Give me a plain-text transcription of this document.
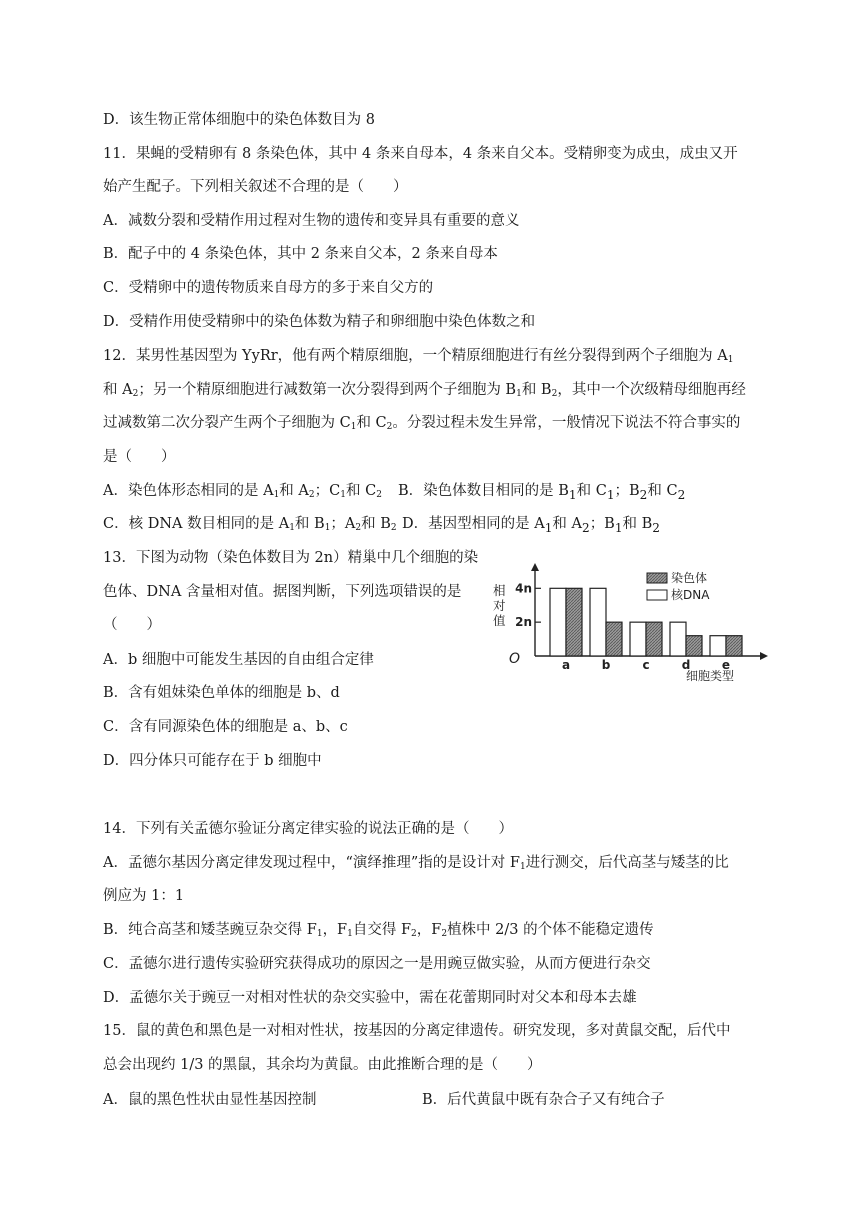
D．该生物正常体细胞中的染色体数目为 8
11．果蝇的受精卵有 8 条染色体，其中 4 条来自母本，4 条来自父本。受精卵变为成虫，成虫又开
始产生配子。下列相关叙述不合理的是（　　）
A．减数分裂和受精作用过程对生物的遗传和变异具有重要的意义
B．配子中的 4 条染色体，其中 2 条来自父本，2 条来自母本
C．受精卵中的遗传物质来自母方的多于来自父方的
D．受精作用使受精卵中的染色体数为精子和卵细胞中染色体数之和
12．某男性基因型为 YyRr，他有两个精原细胞，一个精原细胞进行有丝分裂得到两个子细胞为 $A_1$
和 $A_2$；另一个精原细胞进行减数第一次分裂得到两个子细胞为 $B_1$和 $B_2$，其中一个次级精母细胞再经
过减数第二次分裂产生两个子细胞为 $C_1$和 $C_2$。分裂过程未发生异常，一般情况下说法不符合事实的
是（　　）
A．染色体形态相同的是 $A_1$和 $A_2$；$C_1$和 $C_2$ B．染色体数目相同的是 $B_1$和 $C_1$；$B_2$和 $C_2$
C．核 DNA 数目相同的是 $A_1$和 $B_1$；$A_2$和 $B_2$ D．基因型相同的是 $A_1$和 $A_2$；$B_1$和 $B_2$
13．下图为动物（染色体数目为 2n）精巢中几个细胞的染
色体、DNA 含量相对值。据图判断，下列选项错误的是
（　　）
A．b 细胞中可能发生基因的自由组合定律
B．含有姐妹染色单体的细胞是 b、d
C．含有同源染色体的细胞是 a、b、c
D．四分体只可能存在于 b 细胞中
2n
4n
O
相
对
值
细胞类型
a	b	c	d	e
染色体
核DNA
14．下列有关孟德尔验证分离定律实验的说法正确的是（　　）
A．孟德尔基因分离定律发现过程中，“演绎推理”指的是设计对 $F_1$进行测交，后代高茎与矮茎的比
例应为 1：1
B．纯合高茎和矮茎豌豆杂交得 $F_1$，$F_1$自交得 $F_2$，$F_2$植株中 2/3 的个体不能稳定遗传
C．孟德尔进行遗传实验研究获得成功的原因之一是用豌豆做实验，从而方便进行杂交
D．孟德尔关于豌豆一对相对性状的杂交实验中，需在花蕾期同时对父本和母本去雄
15．鼠的黄色和黑色是一对相对性状，按基因的分离定律遗传。研究发现，多对黄鼠交配，后代中
总会出现约 1/3 的黑鼠，其余均为黄鼠。由此推断合理的是（　　）
A．鼠的黑色性状由显性基因控制	B．后代黄鼠中既有杂合子又有纯合子
